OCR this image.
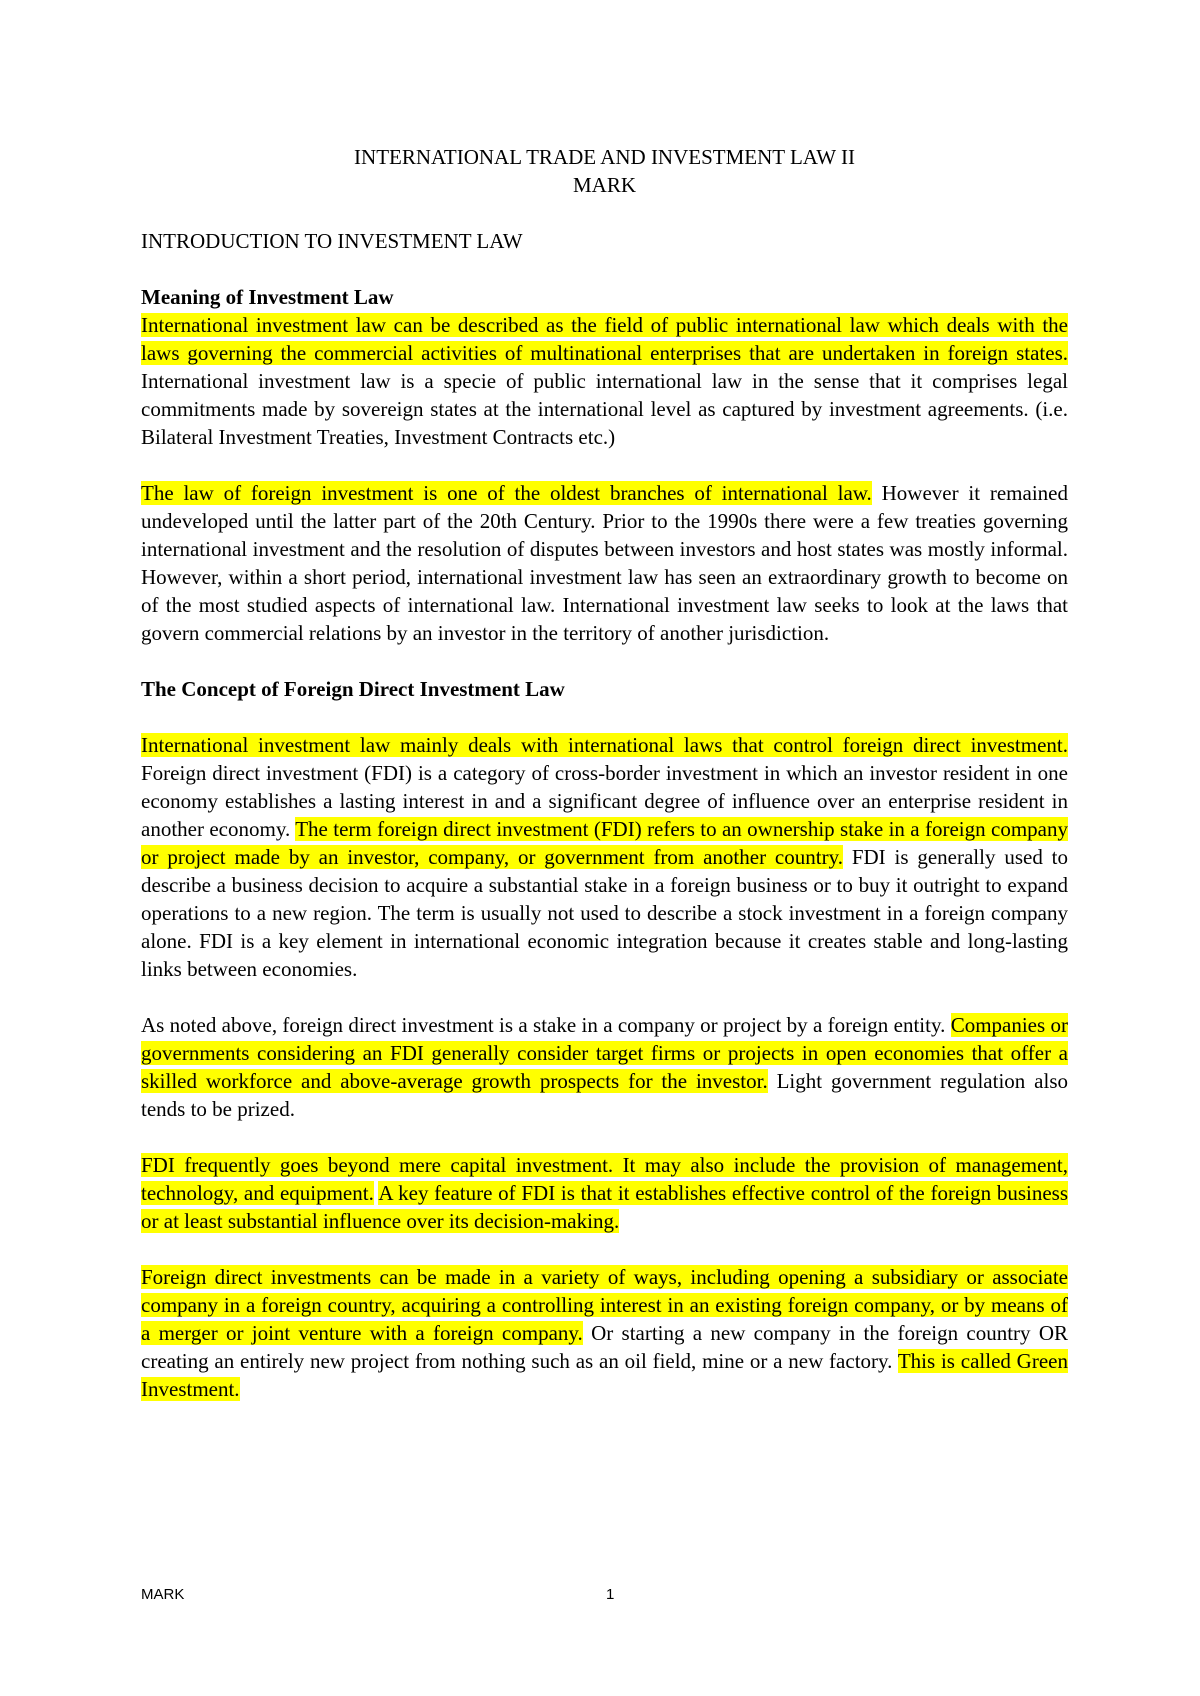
INTERNATIONAL TRADE AND INVESTMENT LAW II
MARK
INTRODUCTION TO INVESTMENT LAW
Meaning of Investment Law

International investment law can be described as the field of public international law which deals with the laws governing the commercial activities of multinational enterprises that are undertaken in foreign states. International investment law is a specie of public international law in the sense that it comprises legal commitments made by sovereign states at the international level as captured by investment agreements. (i.e. Bilateral Investment Treaties, Investment Contracts etc.)

The law of foreign investment is one of the oldest branches of international law. However it remained undeveloped until the latter part of the 20th Century. Prior to the 1990s there were a few treaties governing international investment and the resolution of disputes between investors and host states was mostly informal. However, within a short period, international investment law has seen an extraordinary growth to become on of the most studied aspects of international law. International investment law seeks to look at the laws that govern commercial relations by an investor in the territory of another jurisdiction.

The Concept of Foreign Direct Investment Law

International investment law mainly deals with international laws that control foreign direct investment. Foreign direct investment (FDI) is a category of cross-border investment in which an investor resident in one economy establishes a lasting interest in and a significant degree of influence over an enterprise resident in another economy. The term foreign direct investment (FDI) refers to an ownership stake in a foreign company or project made by an investor, company, or government from another country. FDI is generally used to describe a business decision to acquire a substantial stake in a foreign business or to buy it outright to expand operations to a new region. The term is usually not used to describe a stock investment in a foreign company alone. FDI is a key element in international economic integration because it creates stable and long-lasting links between economies.

As noted above, foreign direct investment is a stake in a company or project by a foreign entity. Companies or governments considering an FDI generally consider target firms or projects in open economies that offer a skilled workforce and above-average growth prospects for the investor. Light government regulation also tends to be prized.

FDI frequently goes beyond mere capital investment. It may also include the provision of management, technology, and equipment. A key feature of FDI is that it establishes effective control of the foreign business or at least substantial influence over its decision-making.

Foreign direct investments can be made in a variety of ways, including opening a subsidiary or associate company in a foreign country, acquiring a controlling interest in an existing foreign company, or by means of a merger or joint venture with a foreign company. Or starting a new company in the foreign country OR creating an entirely new project from nothing such as an oil field, mine or a new factory. This is called Green Investment.

MARK	1
